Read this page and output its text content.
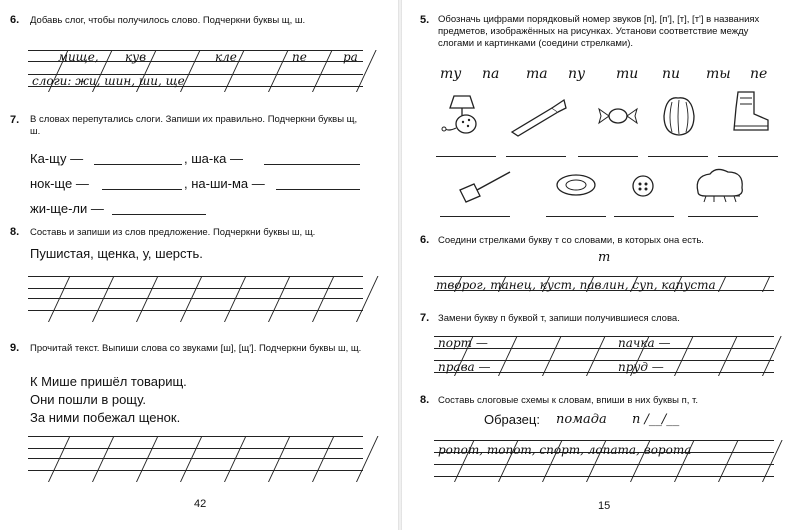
6. Добавь слог, чтобы получилось слово. Подчеркни буквы щ, ш.
мище, кув	кле	пе	ра
слоги: жи, шин, ши, ще
7. В словах перепутались слоги. Запиши их правильно. Подчеркни буквы щ, ш.
Ка-щу —	, ша-ка —
нок-ще —	, на-ши-ма —
жи-ще-ли —
8. Составь и запиши из слов предложение. Подчеркни буквы ш, щ.
Пушистая, щенка, у, шерсть.
9. Прочитай текст. Выпиши слова со звуками [ш], [щ']. Подчеркни буквы ш, щ.
К Мише пришёл товарищ.
Они пошли в рощу.
За ними побежал щенок.
42
5. Обозначь цифрами порядковый номер звуков [п], [п'], [т], [т'] в названиях предметов, изображённых на рисунках. Установи соответствие между слогами и картинками (соедини стрелками).
ту па та пу ти пи ты пе
6. Соедини стрелками букву т со словами, в которых она есть.
т
творог, танец, куст, павлин, суп, капуста
7. Замени букву п буквой т, запиши получившиеся слова.
порт —	пачка —
права —	пруд —
8. Составь слоговые схемы к словам, впиши в них буквы п, т.
Образец: помада п /__/__
ропот, топот, спорт, лопата, ворота
15
